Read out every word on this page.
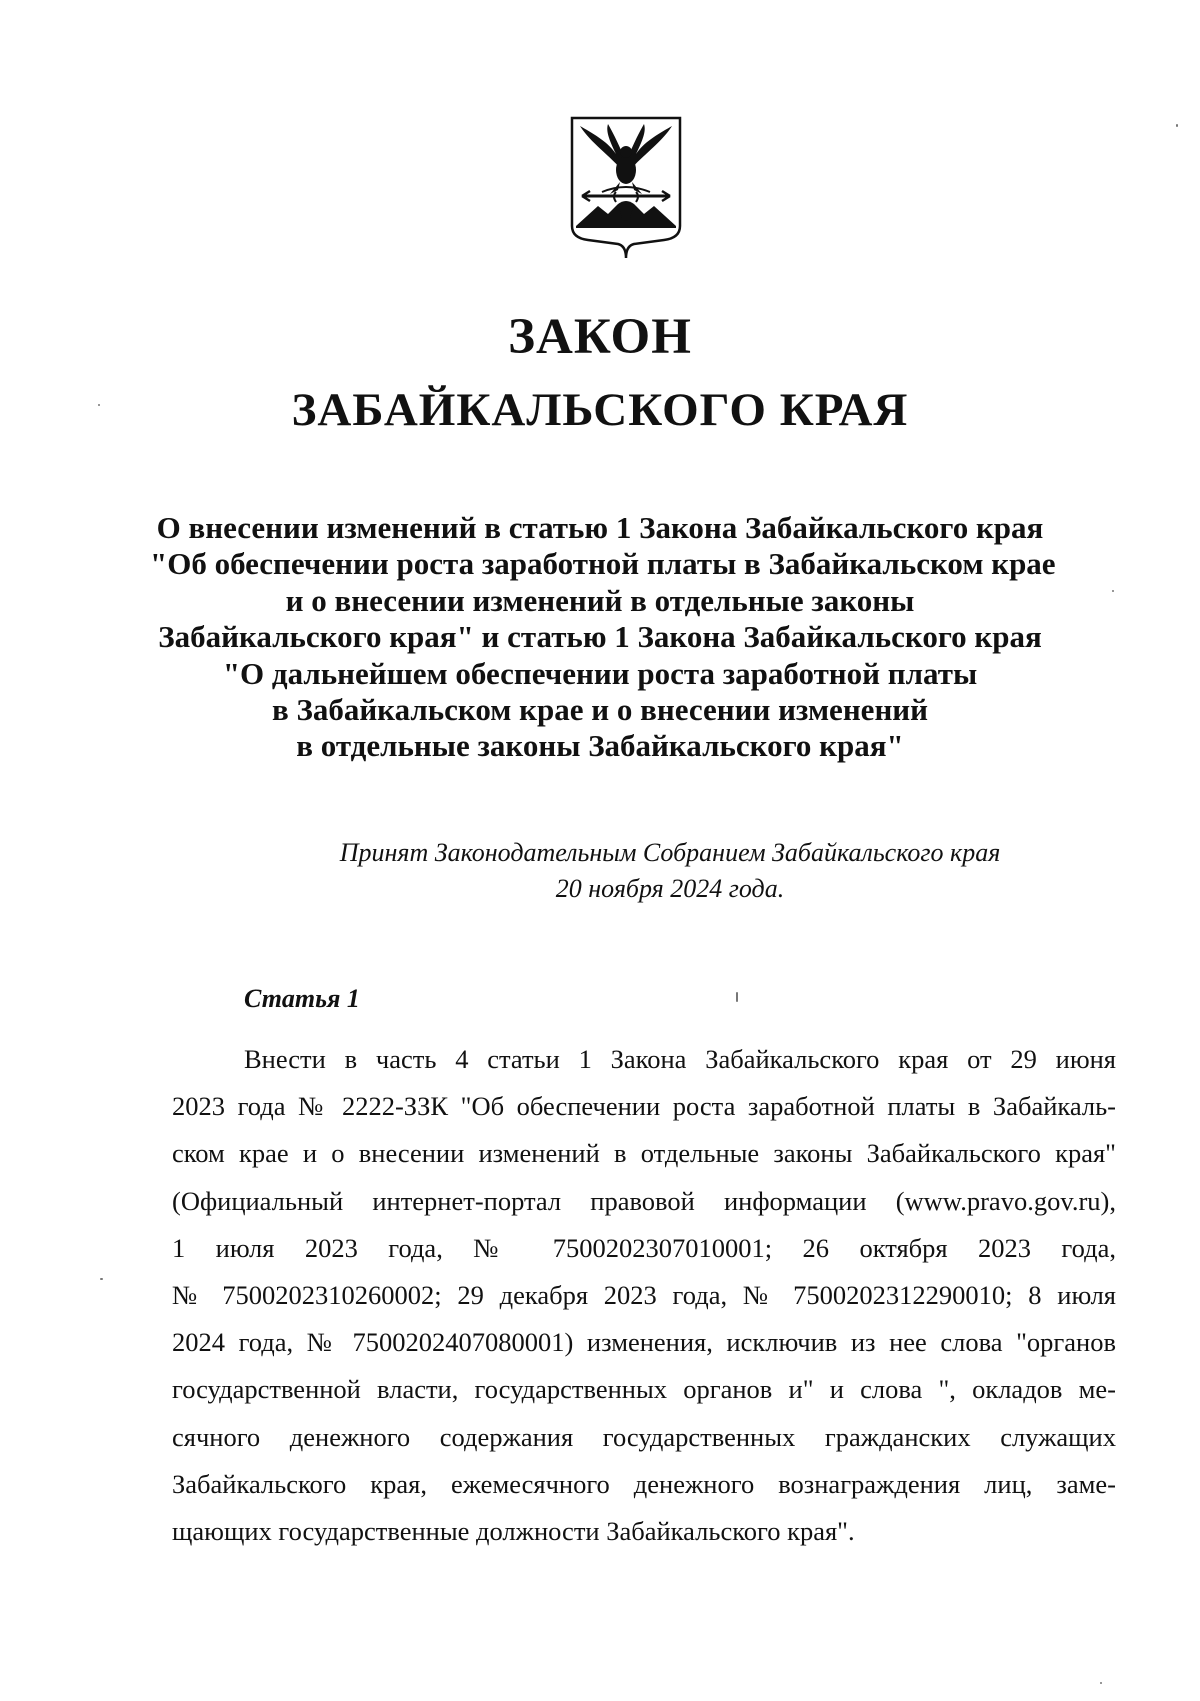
ЗАКОН
ЗАБАЙКАЛЬСКОГО КРАЯ
О внесении изменений в статью 1 Закона Забайкальского края
"Об обеспечении роста заработной платы в Забайкальском крае
и о внесении изменений в отдельные законы
Забайкальского края" и статью 1 Закона Забайкальского края
"О дальнейшем обеспечении роста заработной платы
в Забайкальском крае и о внесении изменений
в отдельные законы Забайкальского края"
Принят Законодательным Собранием Забайкальского края
20 ноября 2024 года.
Статья 1
Внести в часть 4 статьи 1 Закона Забайкальского края от 29 июня
2023 года № 2222-ЗЗК "Об обеспечении роста заработной платы в Забайкаль-
ском крае и о внесении изменений в отдельные законы Забайкальского края"
(Официальный интернет-портал правовой информации (www.pravo.gov.ru),
1 июля 2023 года, № 7500202307010001; 26 октября 2023 года,
№ 7500202310260002; 29 декабря 2023 года, № 7500202312290010; 8 июля
2024 года, № 7500202407080001) изменения, исключив из нее слова "органов
государственной власти, государственных органов и" и слова ", окладов ме-
сячного денежного содержания государственных гражданских служащих
Забайкальского края, ежемесячного денежного вознаграждения лиц, заме-
щающих государственные должности Забайкальского края".
